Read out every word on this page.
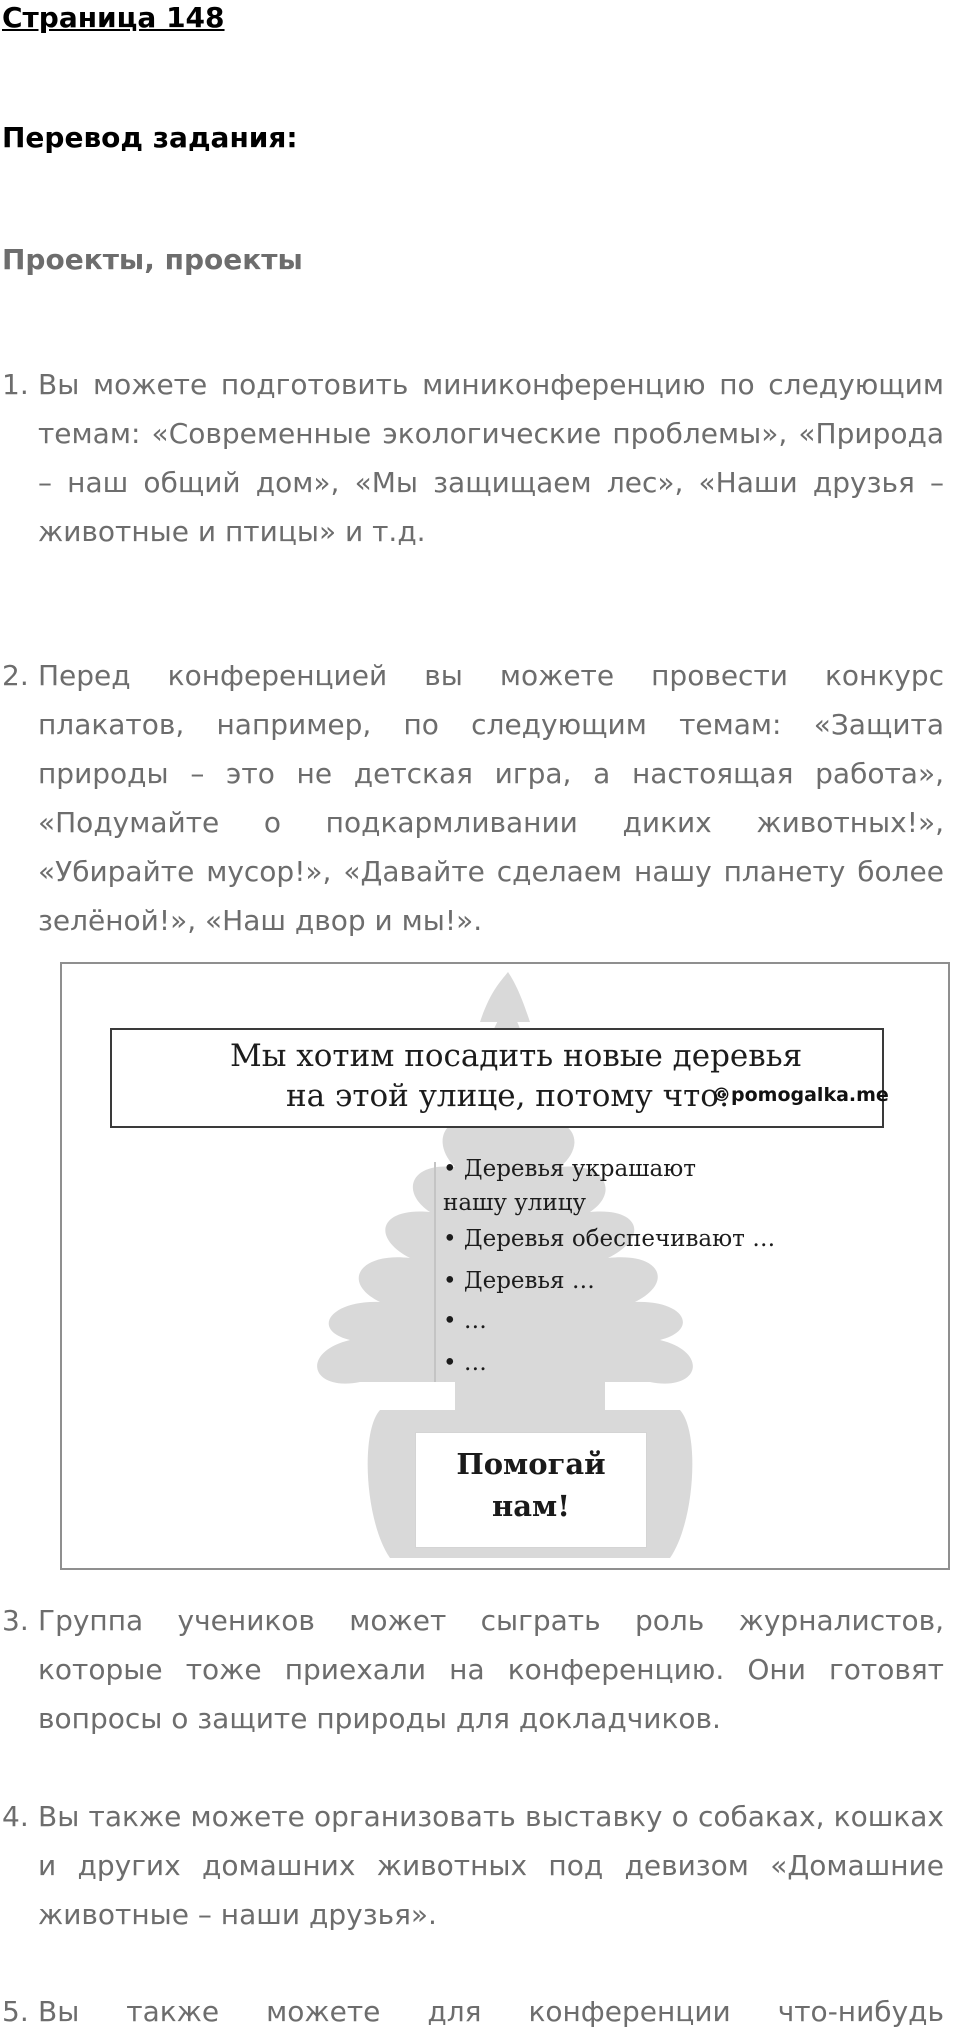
Страница 148
Перевод задания:
Проекты, проекты
1. Вы можете подготовить миниконференцию по следующим темам: «Современные экологические проблемы», «Природа – наш общий дом», «Мы защищаем лес», «Наши друзья – животные и птицы» и т.д.
2. Перед конференцией вы можете провести конкурс плакатов, например, по следующим темам: «Защита природы – это не детская игра, а настоящая работа», «Подумайте о подкармливании диких животных!», «Убирайте мусор!», «Давайте сделаем нашу планету более зелёной!», «Наш двор и мы!».
Мы хотим посадить новые деревья
на этой улице, потому что:
©pomogalka.me
• Деревья украшают
нашу улицу
• Деревья обеспечивают …
• Деревья …
• …
• …
Помогай
нам!
3. Группа учеников может сыграть роль журналистов, которые тоже приехали на конференцию. Они готовят вопросы о защите природы для докладчиков.
4. Вы также можете организовать выставку о собаках, кошках и других домашних животных под девизом «Домашние животные – наши друзья».
5. Вы также можете для конференции что-нибудь
